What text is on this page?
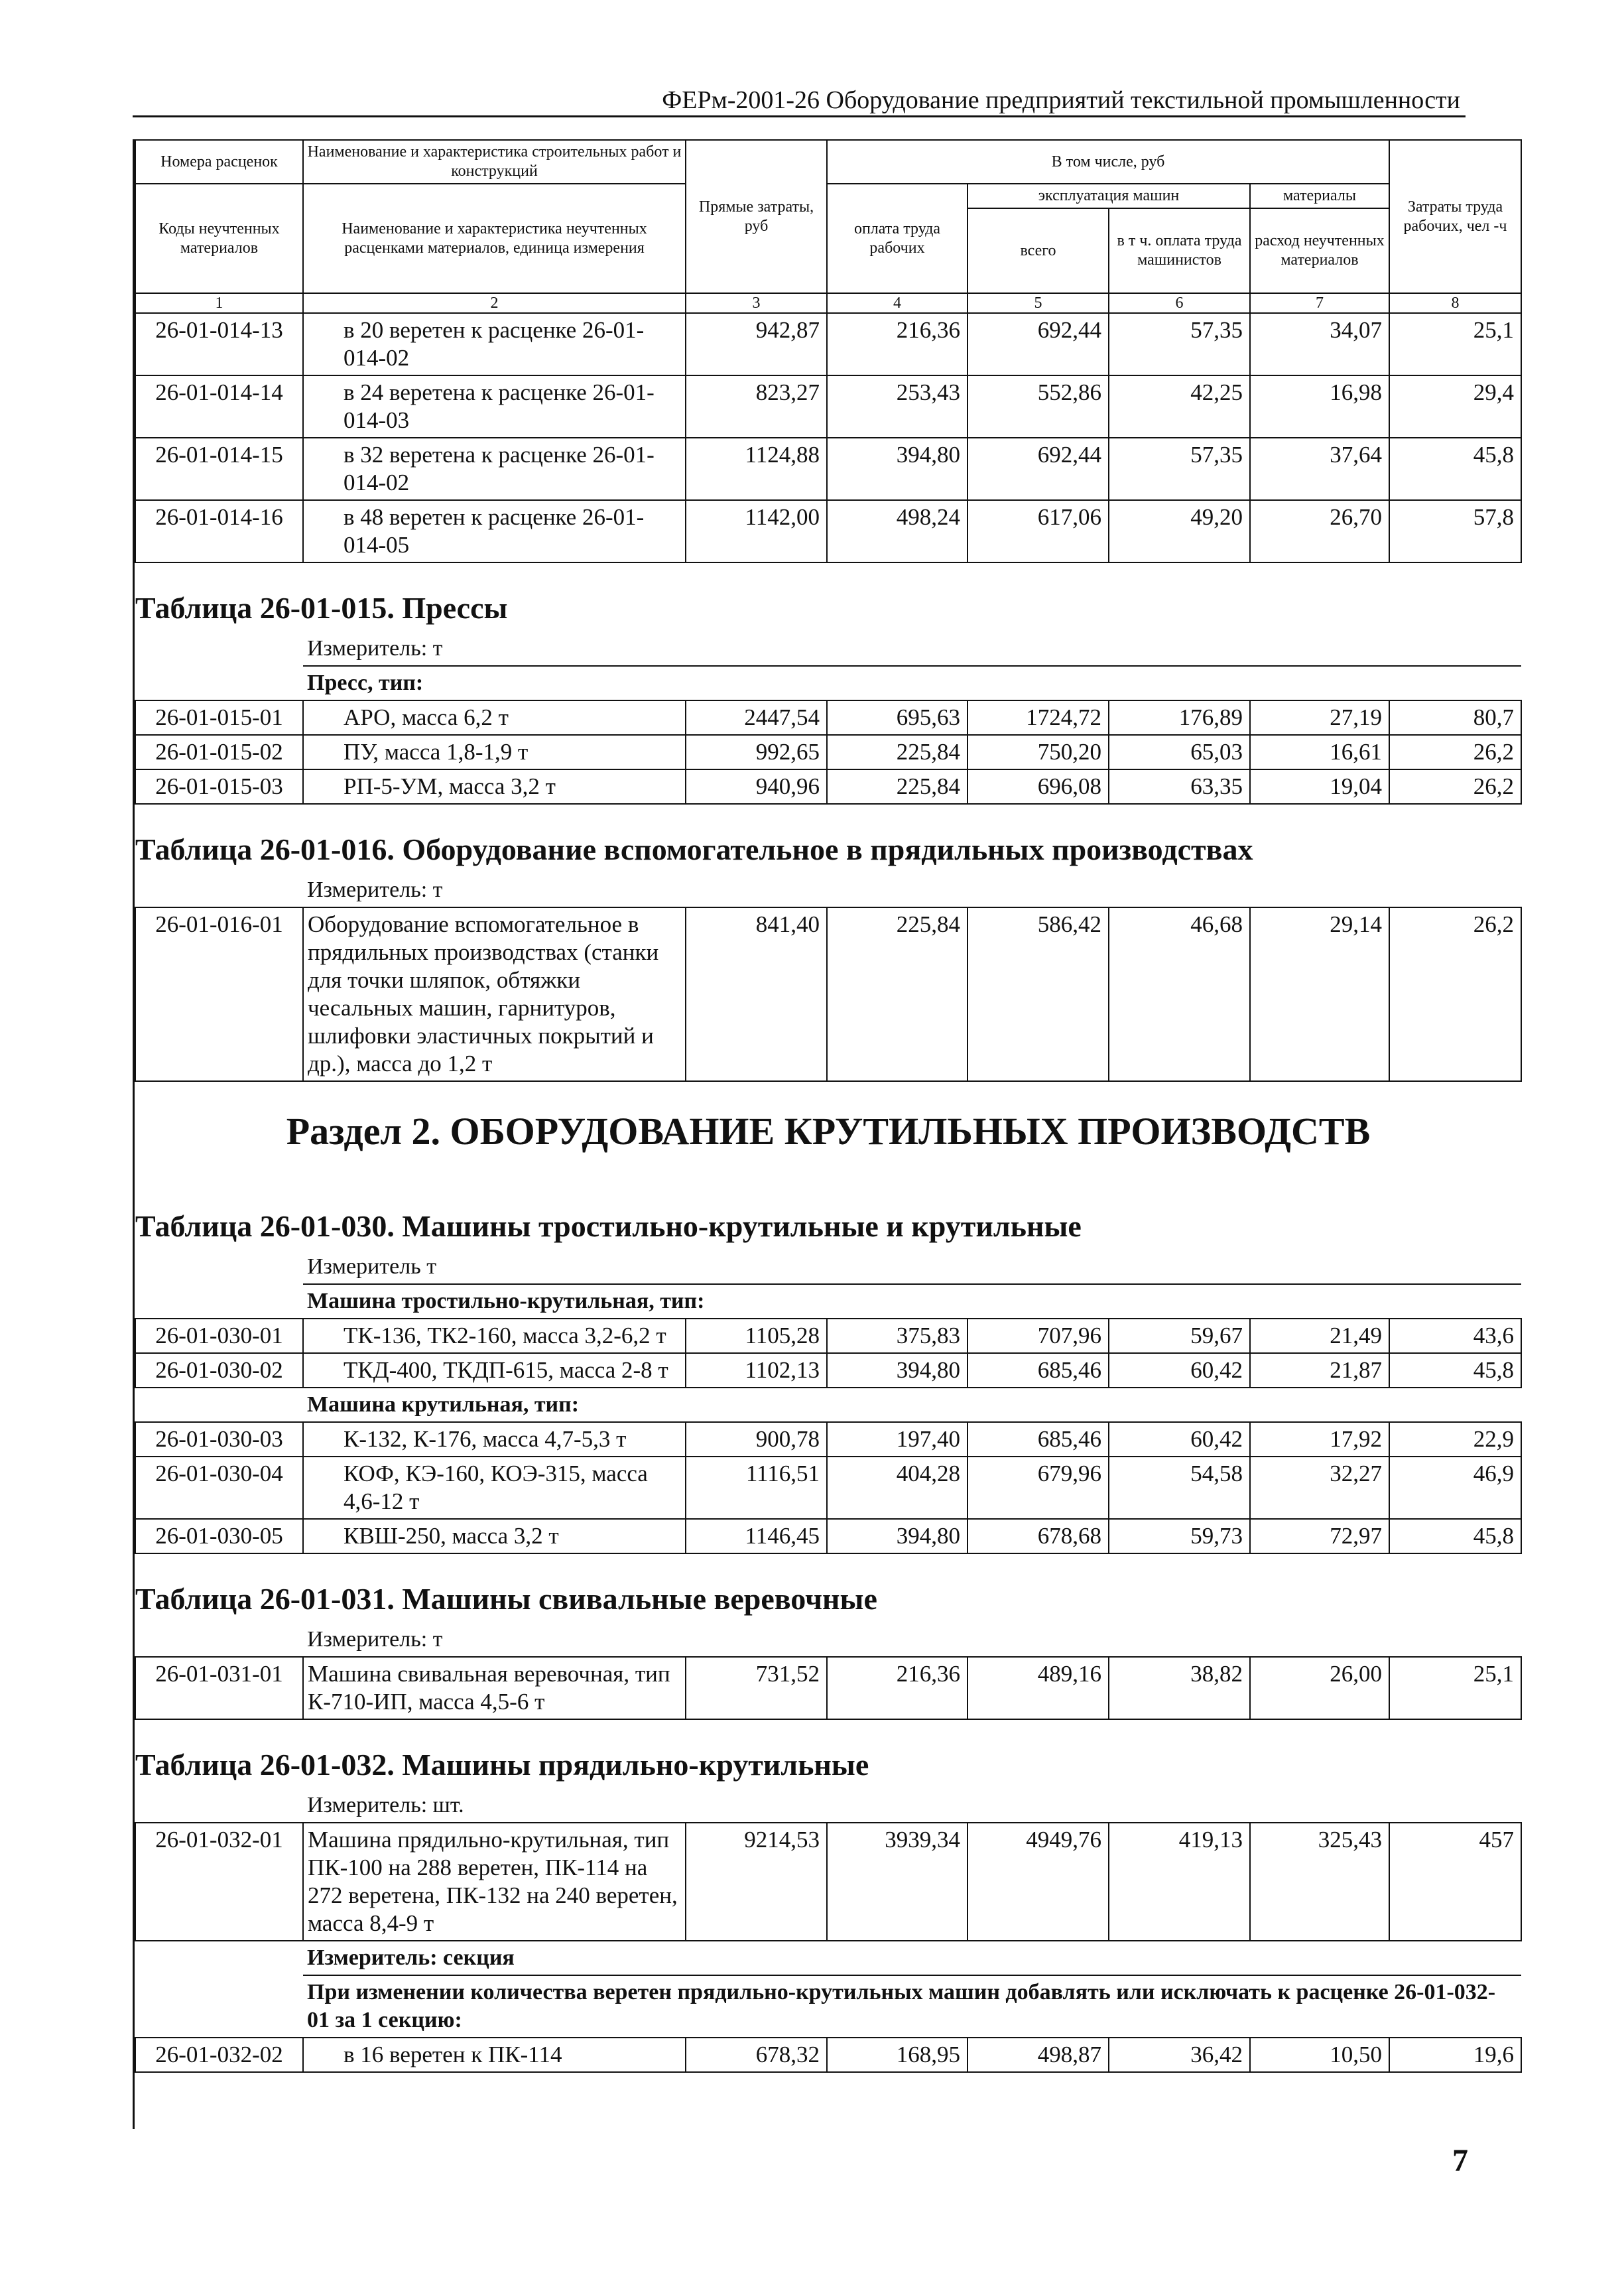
ФЕРм-2001-26 Оборудование предприятий текстильной промышленности
Номера расценок	Наименование и характеристика строительных работ и конструкций	Прямые затраты, руб	В том числе, руб				Затраты труда рабочих, чел -ч
Коды неучтенных материалов	Наименование и характеристика неучтенных расценками материалов, единица измерения		оплата труда рабочих	эксплуатация машин		материалы	
				всего	в т ч. оплата труда машинистов	расход неучтенных материалов	

1	2	3	4	5	6	7	8
26-01-014-13	в 20 веретен к расценке 26-01-014-02	942,87	216,36	692,44	57,35	34,07	25,1
26-01-014-14	в 24 веретена к расценке 26-01-014-03	823,27	253,43	552,86	42,25	16,98	29,4
26-01-014-15	в 32 веретена к расценке 26-01-014-02	1124,88	394,80	692,44	57,35	37,64	45,8
26-01-014-16	в 48 веретен к расценке 26-01-014-05	1142,00	498,24	617,06	49,20	26,70	57,8
Таблица 26-01-015. Прессы							
	Измеритель: т						
	Пресс, тип:						
26-01-015-01	АРО, масса 6,2 т	2447,54	695,63	1724,72	176,89	27,19	80,7
26-01-015-02	ПУ, масса 1,8-1,9 т	992,65	225,84	750,20	65,03	16,61	26,2
26-01-015-03	РП-5-УМ, масса 3,2 т	940,96	225,84	696,08	63,35	19,04	26,2
Таблица 26-01-016. Оборудование вспомогательное в прядильных производствах							
	Измеритель: т						
26-01-016-01	Оборудование вспомогательное в прядильных производствах (станки для точки шляпок, обтяжки чесальных машин, гарнитуров, шлифовки эластичных покрытий и др.), масса до 1,2 т	841,40	225,84	586,42	46,68	29,14	26,2
Раздел 2. ОБОРУДОВАНИЕ КРУТИЛЬНЫХ ПРОИЗВОДСТВ							
Таблица 26-01-030. Машины тростильно-крутильные и крутильные							
	Измеритель т						
	Машина тростильно-крутильная, тип:						
26-01-030-01	ТК-136, ТК2-160, масса 3,2-6,2 т	1105,28	375,83	707,96	59,67	21,49	43,6
26-01-030-02	ТКД-400, ТКДП-615, масса 2-8 т	1102,13	394,80	685,46	60,42	21,87	45,8
	Машина крутильная, тип:						
26-01-030-03	К-132, К-176, масса 4,7-5,3 т	900,78	197,40	685,46	60,42	17,92	22,9
26-01-030-04	КОФ, КЭ-160, КОЭ-315, масса 4,6-12 т	1116,51	404,28	679,96	54,58	32,27	46,9
26-01-030-05	КВШ-250, масса 3,2 т	1146,45	394,80	678,68	59,73	72,97	45,8
Таблица 26-01-031. Машины свивальные веревочные							
	Измеритель: т						
26-01-031-01	Машина свивальная веревочная, тип К-710-ИП, масса 4,5-6 т	731,52	216,36	489,16	38,82	26,00	25,1
Таблица 26-01-032. Машины прядильно-крутильные							
	Измеритель: шт.						
26-01-032-01	Машина прядильно-крутильная, тип ПК-100 на 288 веретен, ПК-114 на 272 веретена, ПК-132 на 240 веретен, масса 8,4-9 т	9214,53	3939,34	4949,76	419,13	325,43	457
	Измеритель: секция						
	При изменении количества веретен прядильно-крутильных машин добавлять или исключать к расценке 26-01-032-01 за 1 секцию:						
26-01-032-02	в 16 веретен к ПК-114	678,32	168,95	498,87	36,42	10,50	19,6
7
